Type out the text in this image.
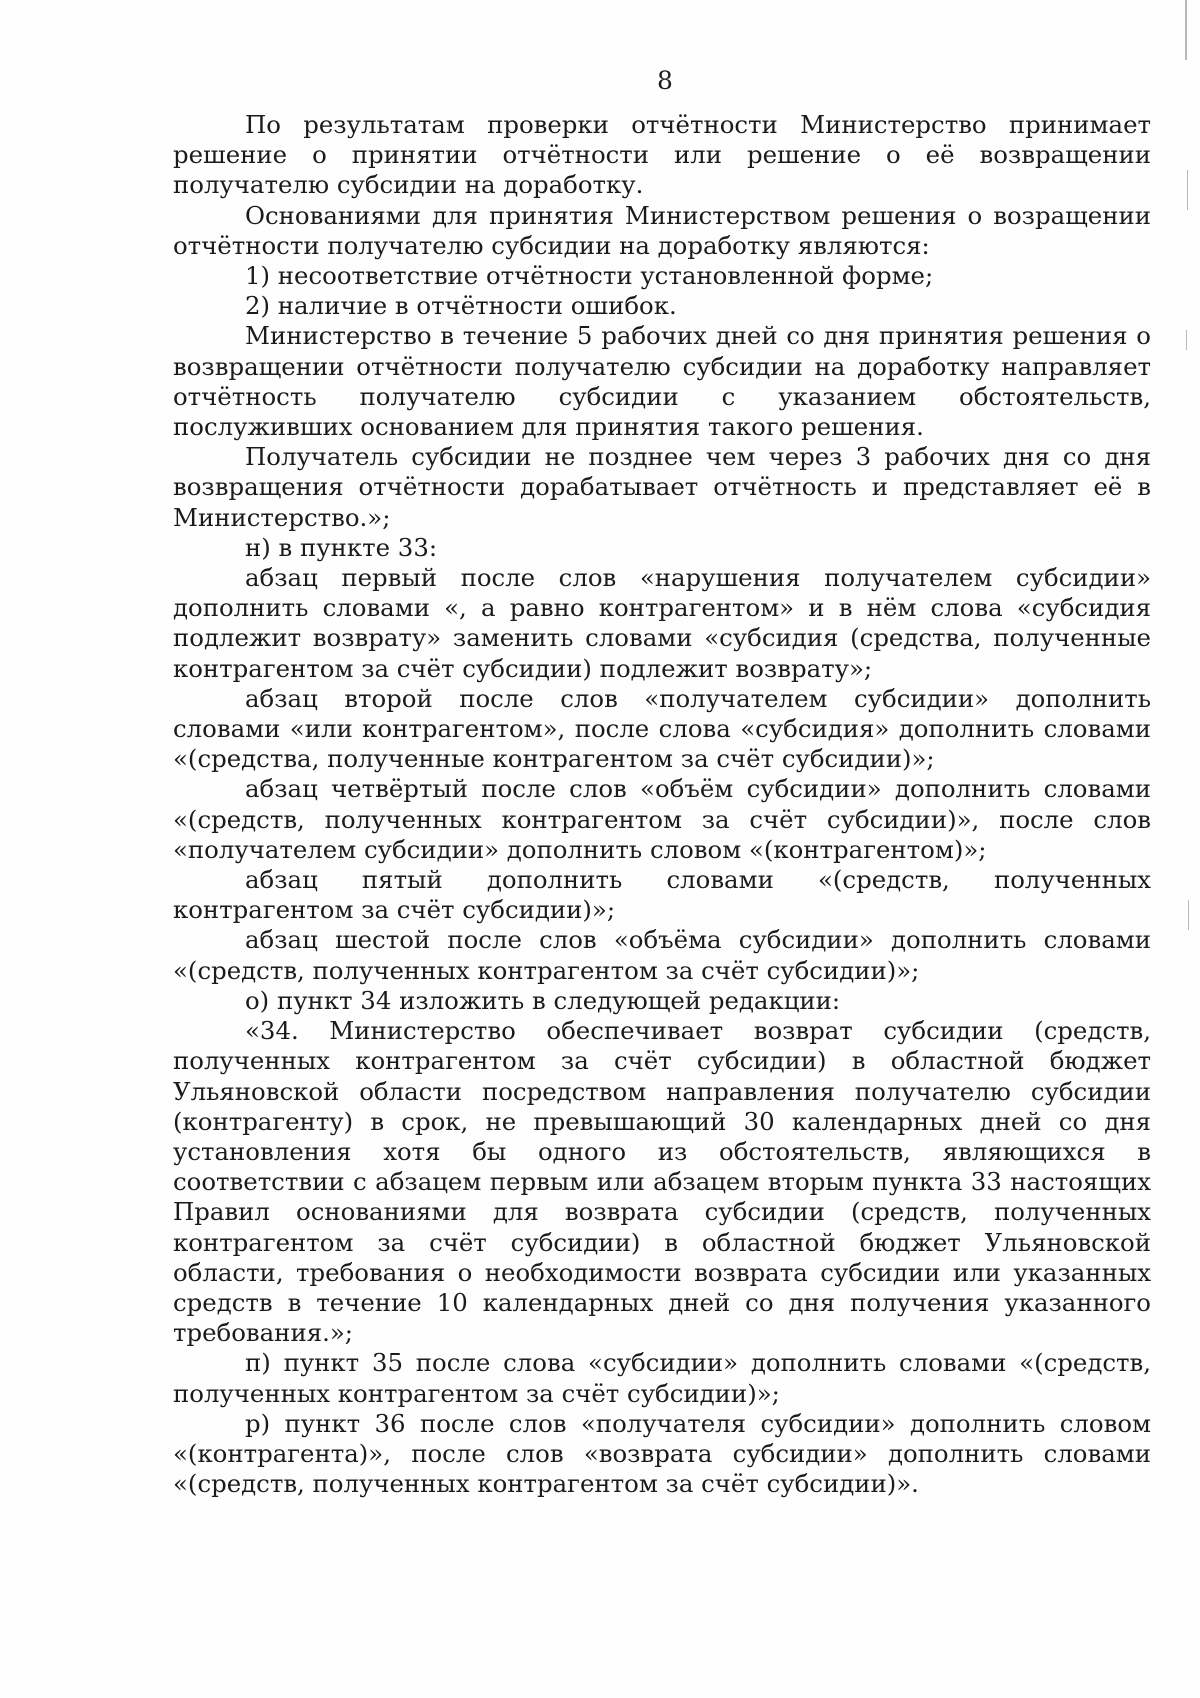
8

По результатам проверки отчётности Министерство принимает решение о принятии отчётности или решение о её возвращении получателю субсидии на доработку.

Основаниями для принятия Министерством решения о возращении отчётности получателю субсидии на доработку являются:

1) несоответствие отчётности установленной форме;

2) наличие в отчётности ошибок.

Министерство в течение 5 рабочих дней со дня принятия решения о возвращении отчётности получателю субсидии на доработку направляет отчётность получателю субсидии с указанием обстоятельств, послуживших основанием для принятия такого решения.

Получатель субсидии не позднее чем через 3 рабочих дня со дня возвращения отчётности дорабатывает отчётность и представляет её в Министерство.»;

н) в пункте 33:

абзац первый после слов «нарушения получателем субсидии» дополнить словами «, а равно контрагентом» и в нём слова «субсидия подлежит возврату» заменить словами «субсидия (средства, полученные контрагентом за счёт субсидии) подлежит возврату»;

абзац второй после слов «получателем субсидии» дополнить словами «или контрагентом», после слова «субсидия» дополнить словами «(средства, полученные контрагентом за счёт субсидии)»;

абзац четвёртый после слов «объём субсидии» дополнить словами «(средств, полученных контрагентом за счёт субсидии)», после слов «получателем субсидии» дополнить словом «(контрагентом)»;

абзац пятый дополнить словами «(средств, полученных контрагентом за счёт субсидии)»;

абзац шестой после слов «объёма субсидии» дополнить словами «(средств, полученных контрагентом за счёт субсидии)»;

о) пункт 34 изложить в следующей редакции:

«34. Министерство обеспечивает возврат субсидии (средств, полученных контрагентом за счёт субсидии) в областной бюджет Ульяновской области посредством направления получателю субсидии (контрагенту) в срок, не превышающий 30 календарных дней со дня установления хотя бы одного из обстоятельств, являющихся в соответствии с абзацем первым или абзацем вторым пункта 33 настоящих Правил основаниями для возврата субсидии (средств, полученных контрагентом за счёт субсидии) в областной бюджет Ульяновской области, требования о необходимости возврата субсидии или указанных средств в течение 10 календарных дней со дня получения указанного требования.»;

п) пункт 35 после слова «субсидии» дополнить словами «(средств, полученных контрагентом за счёт субсидии)»;

р) пункт 36 после слов «получателя субсидии» дополнить словом «(контрагента)», после слов «возврата субсидии» дополнить словами «(средств, полученных контрагентом за счёт субсидии)».
